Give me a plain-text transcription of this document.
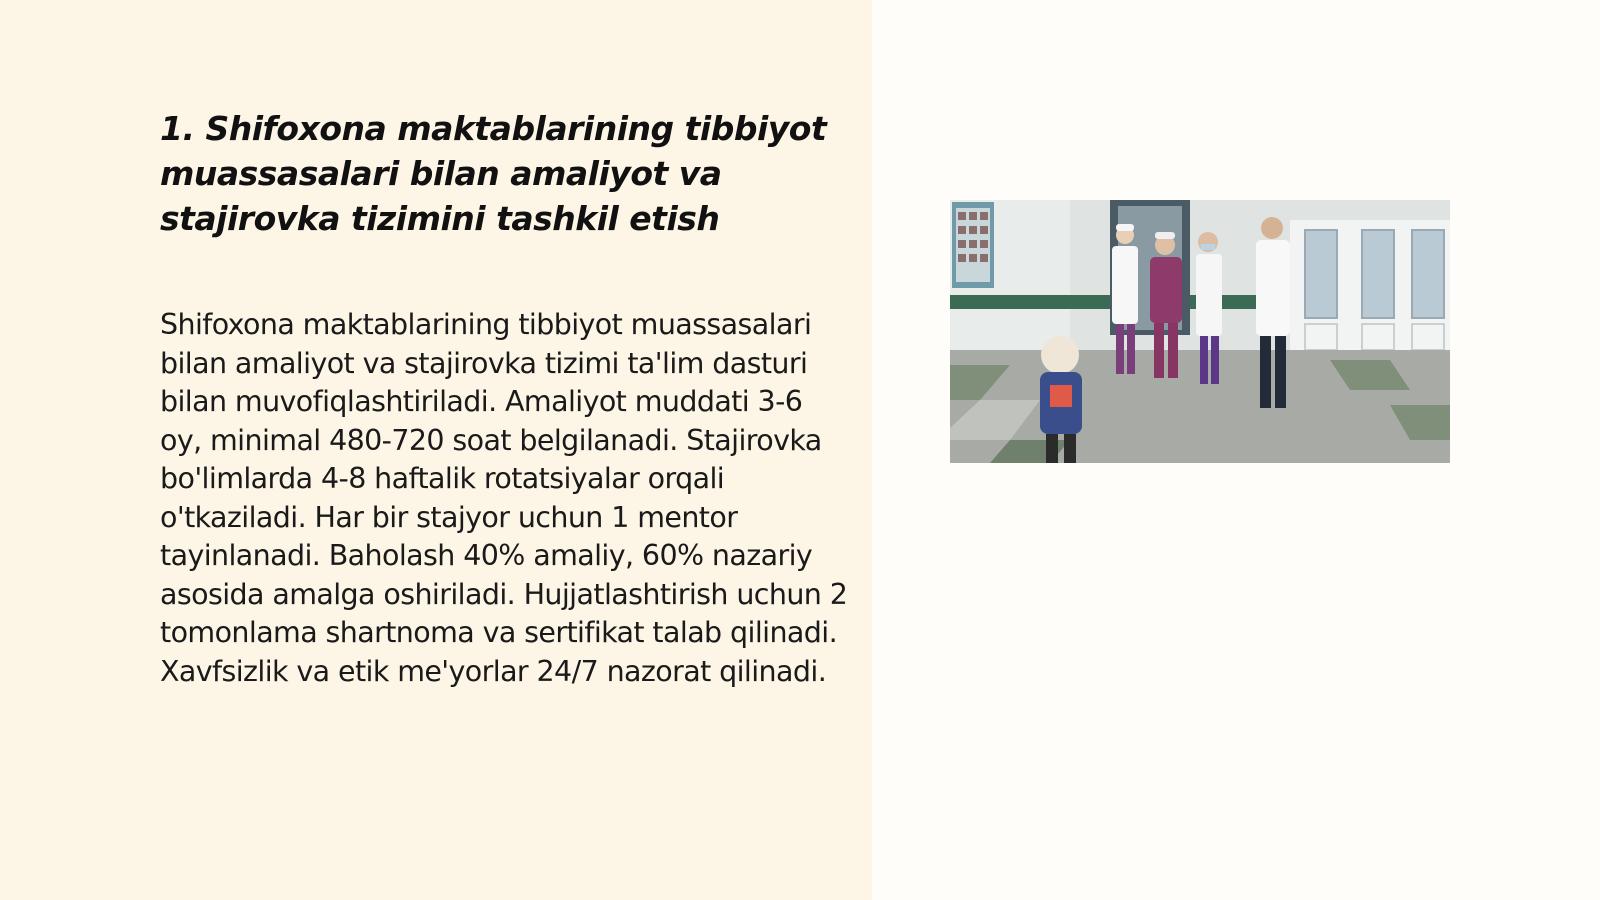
1. Shifoxona maktablarining tibbiyot muassasalari bilan amaliyot va stajirovka tizimini tashkil etish

Shifoxona maktablarining tibbiyot muassasalari bilan amaliyot va stajirovka tizimi ta'lim dasturi bilan muvofiqlashtiriladi. Amaliyot muddati 3-6 oy, minimal 480-720 soat belgilanadi. Stajirovka bo'limlarda 4-8 haftalik rotatsiyalar orqali o'tkaziladi. Har bir stajyor uchun 1 mentor tayinlanadi. Baholash 40% amaliy, 60% nazariy asosida amalga oshiriladi. Hujjatlashtirish uchun 2 tomonlama shartnoma va sertifikat talab qilinadi. Xavfsizlik va etik me'yorlar 24/7 nazorat qilinadi.
